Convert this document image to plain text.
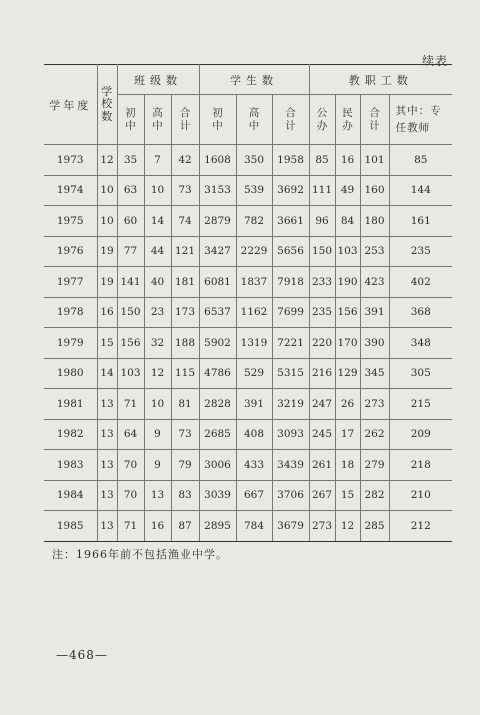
续表
学年度	学校数	班级数			学生数			教职工数			
		初中	高中	合计	初中	高中	合计	公办	民办	合计	其中：专任教师
1973	12	35	7	42	1608	350	1958	85	16	101	85
1974	10	63	10	73	3153	539	3692	111	49	160	144
1975	10	60	14	74	2879	782	3661	96	84	180	161
1976	19	77	44	121	3427	2229	5656	150	103	253	235
1977	19	141	40	181	6081	1837	7918	233	190	423	402
1978	16	150	23	173	6537	1162	7699	235	156	391	368
1979	15	156	32	188	5902	1319	7221	220	170	390	348
1980	14	103	12	115	4786	529	5315	216	129	345	305
1981	13	71	10	81	2828	391	3219	247	26	273	215
1982	13	64	9	73	2685	408	3093	245	17	262	209
1983	13	70	9	79	3006	433	3439	261	18	279	218
1984	13	70	13	83	3039	667	3706	267	15	282	210
1985	13	71	16	87	2895	784	3679	273	12	285	212
注：1966年前不包括渔业中学。
—468—
